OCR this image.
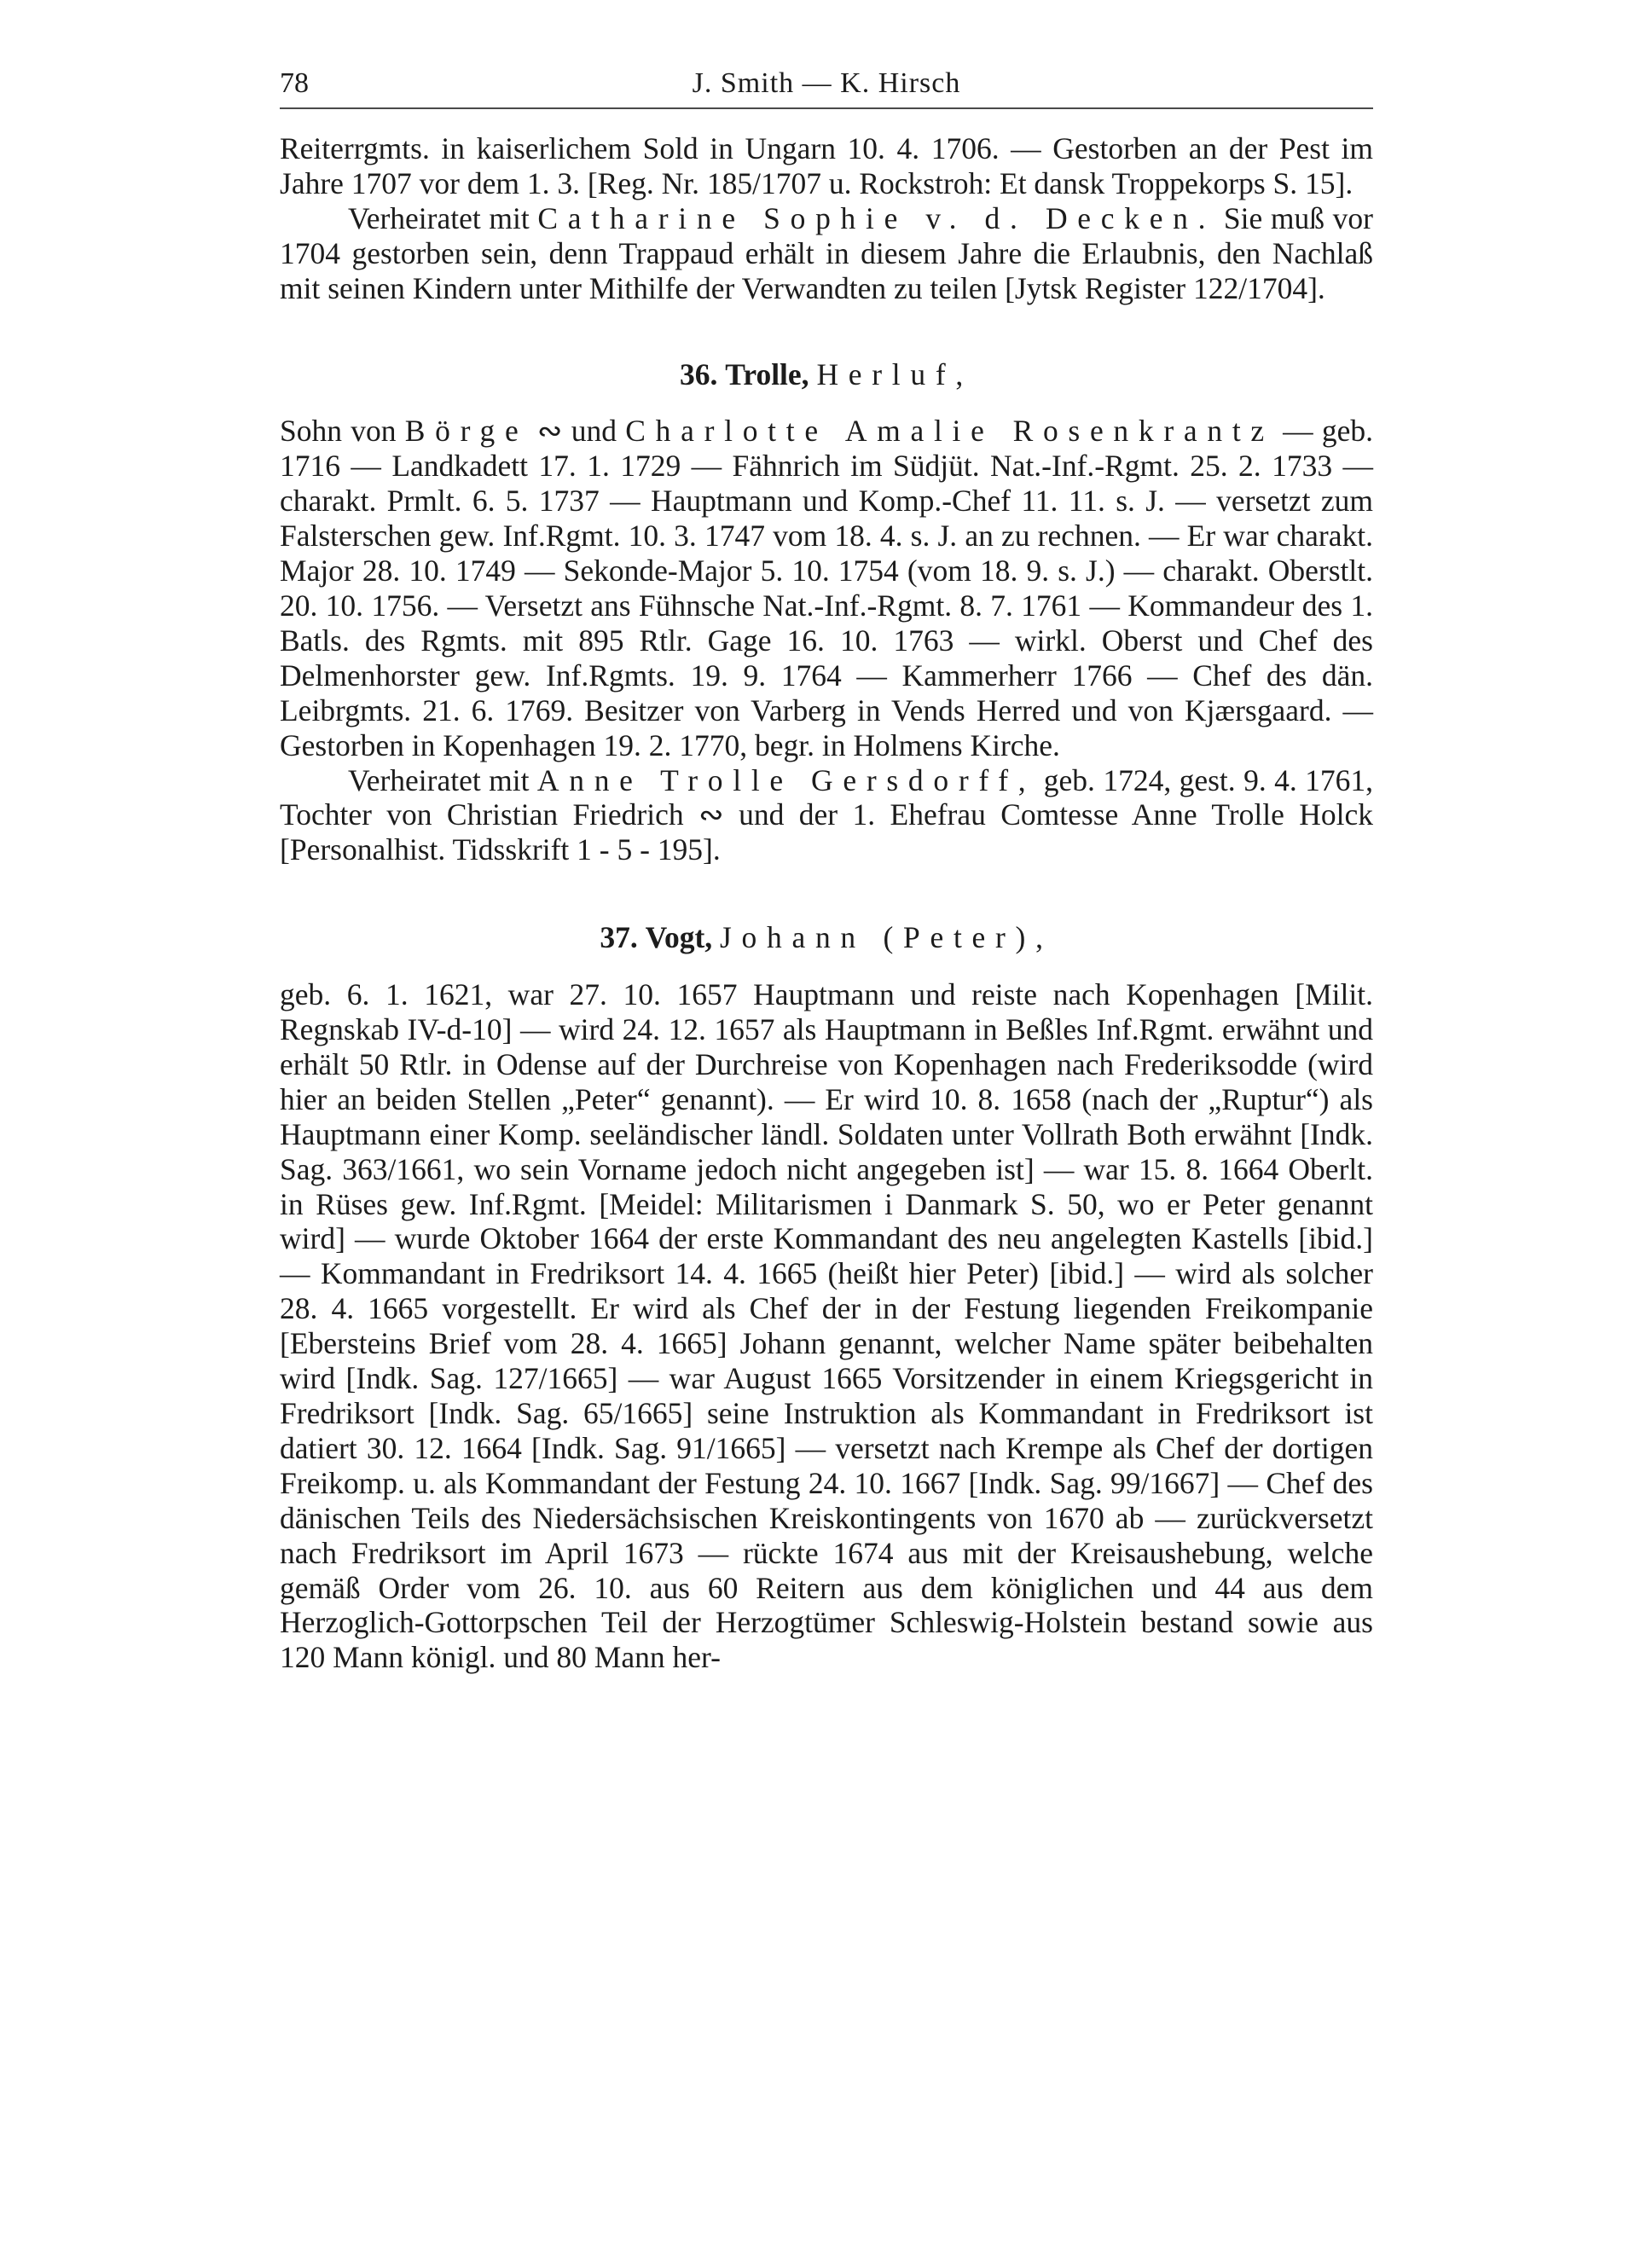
78	J. Smith — K. Hirsch

Reiterrgmts. in kaiserlichem Sold in Ungarn 10. 4. 1706. — Gestorben an der Pest im Jahre 1707 vor dem 1. 3. [Reg. Nr. 185/1707 u. Rockstroh: Et dansk Troppekorps S. 15].

Verheiratet mit Catharine Sophie v. d. Decken. Sie muß vor 1704 gestorben sein, denn Trappaud erhält in diesem Jahre die Erlaubnis, den Nachlaß mit seinen Kindern unter Mithilfe der Verwandten zu teilen [Jytsk Register 122/1704].

36. Trolle, Herluf,

Sohn von Börge ∾ und Charlotte Amalie Rosenkrantz — geb. 1716 — Landkadett 17. 1. 1729 — Fähnrich im Südjüt. Nat.-Inf.-Rgmt. 25. 2. 1733 — charakt. Prmlt. 6. 5. 1737 — Hauptmann und Komp.-Chef 11. 11. s. J. — versetzt zum Falsterschen gew. Inf.Rgmt. 10. 3. 1747 vom 18. 4. s. J. an zu rechnen. — Er war charakt. Major 28. 10. 1749 — Sekonde-Major 5. 10. 1754 (vom 18. 9. s. J.) — charakt. Oberstlt. 20. 10. 1756. — Versetzt ans Fühnsche Nat.-Inf.-Rgmt. 8. 7. 1761 — Kommandeur des 1. Batls. des Rgmts. mit 895 Rtlr. Gage 16. 10. 1763 — wirkl. Oberst und Chef des Delmenhorster gew. Inf.Rgmts. 19. 9. 1764 — Kammerherr 1766 — Chef des dän. Leibrgmts. 21. 6. 1769. Besitzer von Varberg in Vends Herred und von Kjærsgaard. — Gestorben in Kopenhagen 19. 2. 1770, begr. in Holmens Kirche.

Verheiratet mit Anne Trolle Gersdorff, geb. 1724, gest. 9. 4. 1761, Tochter von Christian Friedrich ∾ und der 1. Ehefrau Comtesse Anne Trolle Holck [Personalhist. Tidsskrift 1 - 5 - 195].

37. Vogt, Johann (Peter),

geb. 6. 1. 1621, war 27. 10. 1657 Hauptmann und reiste nach Kopenhagen [Milit. Regnskab IV-d-10] — wird 24. 12. 1657 als Hauptmann in Beßles Inf.Rgmt. erwähnt und erhält 50 Rtlr. in Odense auf der Durchreise von Kopenhagen nach Frederiksodde (wird hier an beiden Stellen „Peter“ genannt). — Er wird 10. 8. 1658 (nach der „Ruptur“) als Hauptmann einer Komp. seeländischer ländl. Soldaten unter Vollrath Both erwähnt [Indk. Sag. 363/1661, wo sein Vorname jedoch nicht angegeben ist] — war 15. 8. 1664 Oberlt. in Rüses gew. Inf.Rgmt. [Meidel: Militarismen i Danmark S. 50, wo er Peter genannt wird] — wurde Oktober 1664 der erste Kommandant des neu angelegten Kastells [ibid.] — Kommandant in Fredriksort 14. 4. 1665 (heißt hier Peter) [ibid.] — wird als solcher 28. 4. 1665 vorgestellt. Er wird als Chef der in der Festung liegenden Freikompanie [Ebersteins Brief vom 28. 4. 1665] Johann genannt, welcher Name später beibehalten wird [Indk. Sag. 127/1665] — war August 1665 Vorsitzender in einem Kriegsgericht in Fredriksort [Indk. Sag. 65/1665] seine Instruktion als Kommandant in Fredriksort ist datiert 30. 12. 1664 [Indk. Sag. 91/1665] — versetzt nach Krempe als Chef der dortigen Freikomp. u. als Kommandant der Festung 24. 10. 1667 [Indk. Sag. 99/1667] — Chef des dänischen Teils des Niedersächsischen Kreiskontingents von 1670 ab — zurückversetzt nach Fredriksort im April 1673 — rückte 1674 aus mit der Kreisaushebung, welche gemäß Order vom 26. 10. aus 60 Reitern aus dem königlichen und 44 aus dem Herzoglich-Gottorpschen Teil der Herzogtümer Schleswig-Holstein bestand sowie aus 120 Mann königl. und 80 Mann her-
